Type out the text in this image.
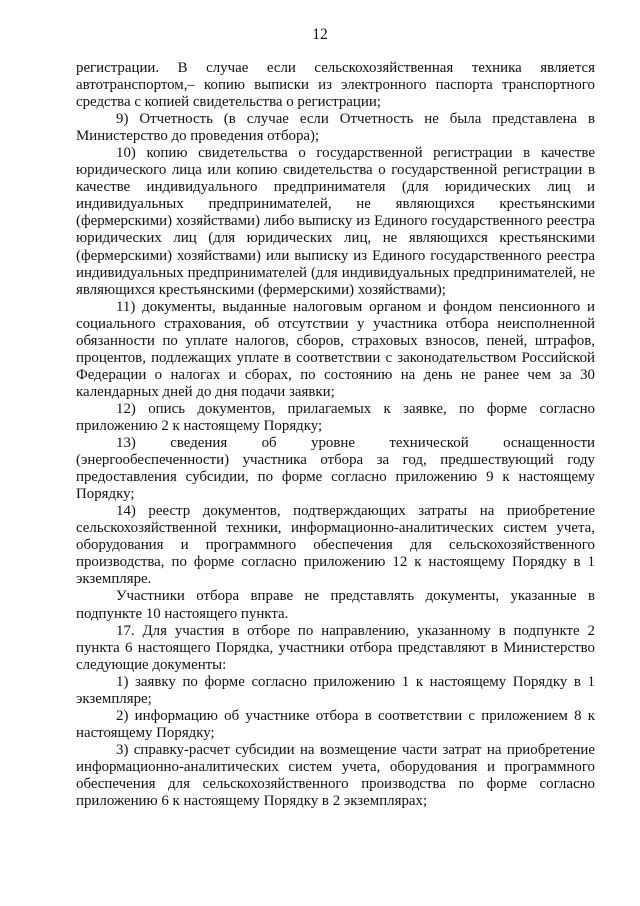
12

регистрации. В случае если сельскохозяйственная техника является автотранспортом,– копию выписки из электронного паспорта транспортного средства с копией свидетельства о регистрации;

9) Отчетность (в случае если Отчетность не была представлена в Министерство до проведения отбора);

10) копию свидетельства о государственной регистрации в качестве юридического лица или копию свидетельства о государственной регистрации в качестве индивидуального предпринимателя (для юридических лиц и индивидуальных предпринимателей, не являющихся крестьянскими (фермерскими) хозяйствами) либо выписку из Единого государственного реестра юридических лиц (для юридических лиц, не являющихся крестьянскими (фермерскими) хозяйствами) или выписку из Единого государственного реестра индивидуальных предпринимателей (для индивидуальных предпринимателей, не являющихся крестьянскими (фермерскими) хозяйствами);

11) документы, выданные налоговым органом и фондом пенсионного и социального страхования, об отсутствии у участника отбора неисполненной обязанности по уплате налогов, сборов, страховых взносов, пеней, штрафов, процентов, подлежащих уплате в соответствии с законодательством Российской Федерации о налогах и сборах, по состоянию на день не ранее чем за 30 календарных дней до дня подачи заявки;

12) опись документов, прилагаемых к заявке, по форме согласно приложению 2 к настоящему Порядку;

13) сведения об уровне технической оснащенности (энергообеспеченности) участника отбора за год, предшествующий году предоставления субсидии, по форме согласно приложению 9 к настоящему Порядку;

14) реестр документов, подтверждающих затраты на приобретение сельскохозяйственной техники, информационно-аналитических систем учета, оборудования и программного обеспечения для сельскохозяйственного производства, по форме согласно приложению 12 к настоящему Порядку в 1 экземпляре.

Участники отбора вправе не представлять документы, указанные в подпункте 10 настоящего пункта.

17. Для участия в отборе по направлению, указанному в подпункте 2 пункта 6 настоящего Порядка, участники отбора представляют в Министерство следующие документы:

1) заявку по форме согласно приложению 1 к настоящему Порядку в 1 экземпляре;

2) информацию об участнике отбора в соответствии с приложением 8 к настоящему Порядку;

3) справку-расчет субсидии на возмещение части затрат на приобретение информационно-аналитических систем учета, оборудования и программного обеспечения для сельскохозяйственного производства по форме согласно приложению 6 к настоящему Порядку в 2 экземплярах;
